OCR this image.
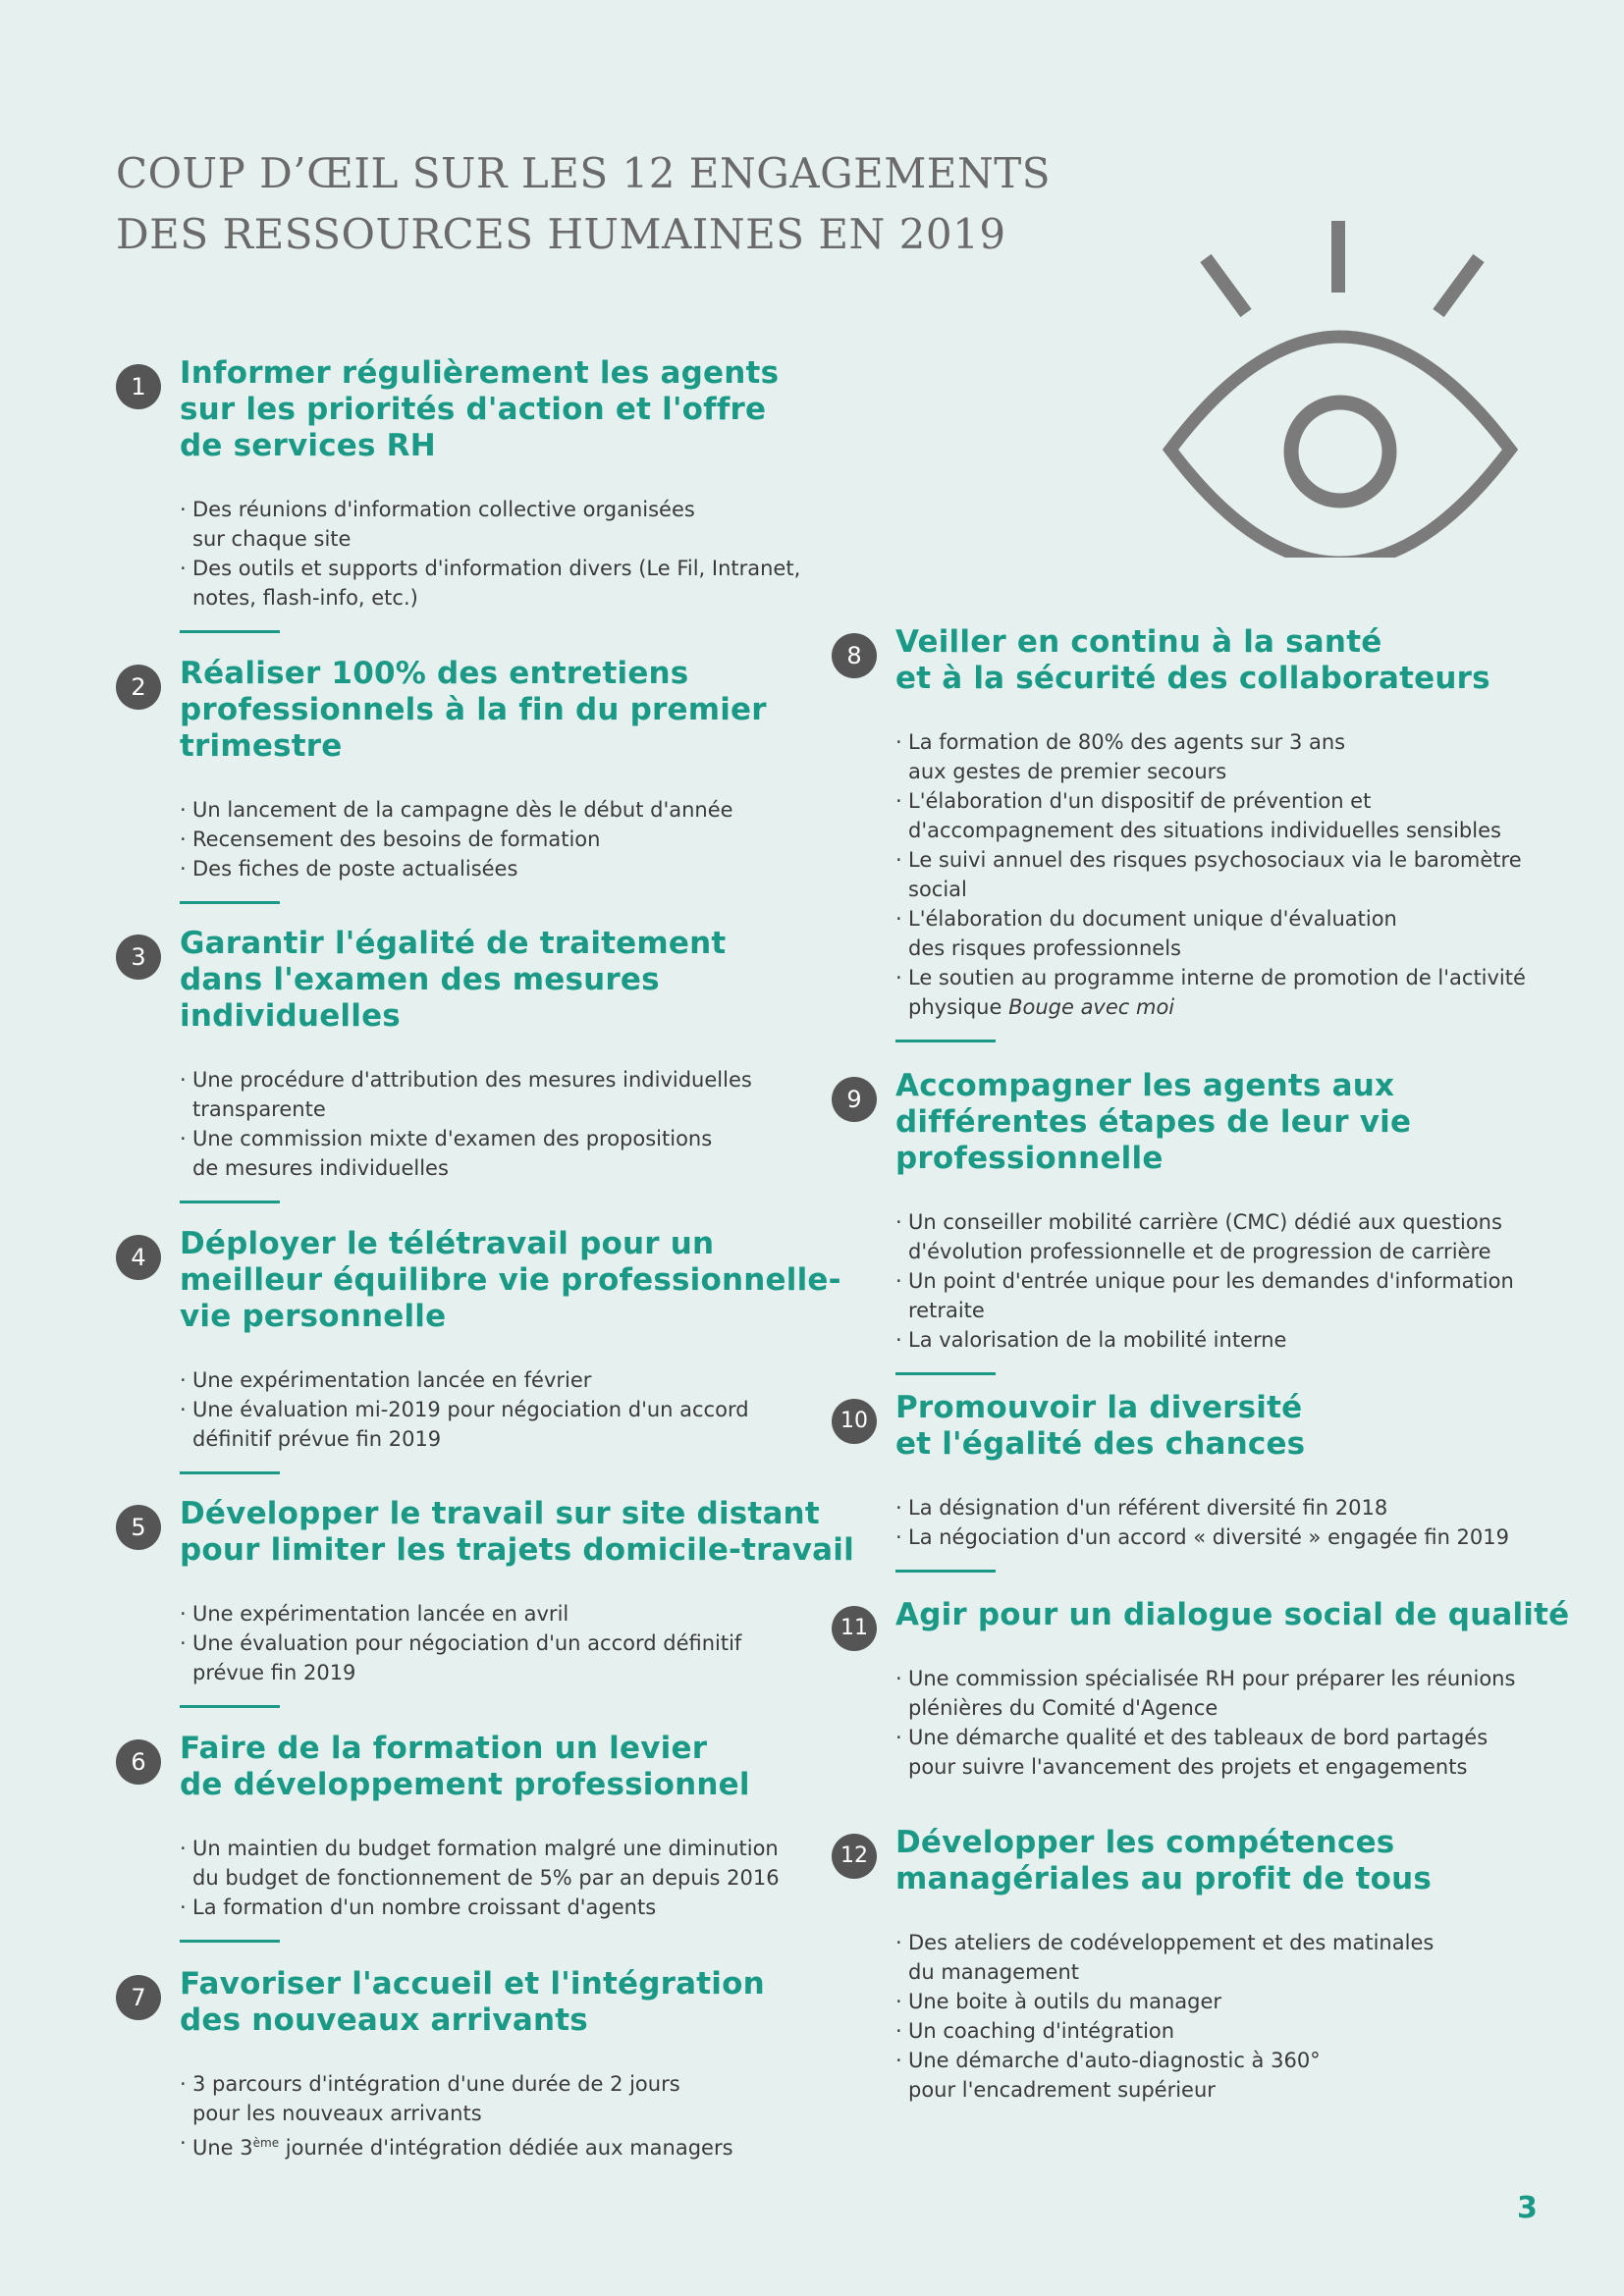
COUP D’ŒIL SUR LES 12 ENGAGEMENTS
DES RESSOURCES HUMAINES EN 2019
1	Informer régulièrement les agents
sur les priorités d'action et l'offre
de services RH
· Des réunions d'information collective organisées
sur chaque site
· Des outils et supports d'information divers (Le Fil, Intranet,
notes, flash-info, etc.)
2	Réaliser 100% des entretiens
professionnels à la fin du premier
trimestre
· Un lancement de la campagne dès le début d'année
· Recensement des besoins de formation
· Des fiches de poste actualisées
3	Garantir l'égalité de traitement
dans l'examen des mesures
individuelles
· Une procédure d'attribution des mesures individuelles
transparente
· Une commission mixte d'examen des propositions
de mesures individuelles
4	Déployer le télétravail pour un
meilleur équilibre vie professionnelle-
vie personnelle
· Une expérimentation lancée en février
· Une évaluation mi-2019 pour négociation d'un accord
définitif prévue fin 2019
5	Développer le travail sur site distant
pour limiter les trajets domicile-travail
· Une expérimentation lancée en avril
· Une évaluation pour négociation d'un accord définitif
prévue fin 2019
6	Faire de la formation un levier
de développement professionnel
· Un maintien du budget formation malgré une diminution
du budget de fonctionnement de 5% par an depuis 2016
· La formation d'un nombre croissant d'agents
7	Favoriser l'accueil et l'intégration
des nouveaux arrivants
· 3 parcours d'intégration d'une durée de 2 jours
pour les nouveaux arrivants
· Une 3ème journée d'intégration dédiée aux managers
8	Veiller en continu à la santé
et à la sécurité des collaborateurs
· La formation de 80% des agents sur 3 ans
aux gestes de premier secours
· L'élaboration d'un dispositif de prévention et
d'accompagnement des situations individuelles sensibles
· Le suivi annuel des risques psychosociaux via le baromètre
social
· L'élaboration du document unique d'évaluation
des risques professionnels
· Le soutien au programme interne de promotion de l'activité
physique Bouge avec moi
9	Accompagner les agents aux
différentes étapes de leur vie
professionnelle
· Un conseiller mobilité carrière (CMC) dédié aux questions
d'évolution professionnelle et de progression de carrière
· Un point d'entrée unique pour les demandes d'information
retraite
· La valorisation de la mobilité interne
10 Promouvoir la diversité
et l'égalité des chances
· La désignation d'un référent diversité fin 2018
· La négociation d'un accord « diversité » engagée fin 2019
11 Agir pour un dialogue social de qualité
· Une commission spécialisée RH pour préparer les réunions
plénières du Comité d'Agence
· Une démarche qualité et des tableaux de bord partagés
pour suivre l'avancement des projets et engagements
12 Développer les compétences
managériales au profit de tous
· Des ateliers de codéveloppement et des matinales
du management
· Une boite à outils du manager
· Un coaching d'intégration
· Une démarche d'auto-diagnostic à 360°
pour l'encadrement supérieur
3
